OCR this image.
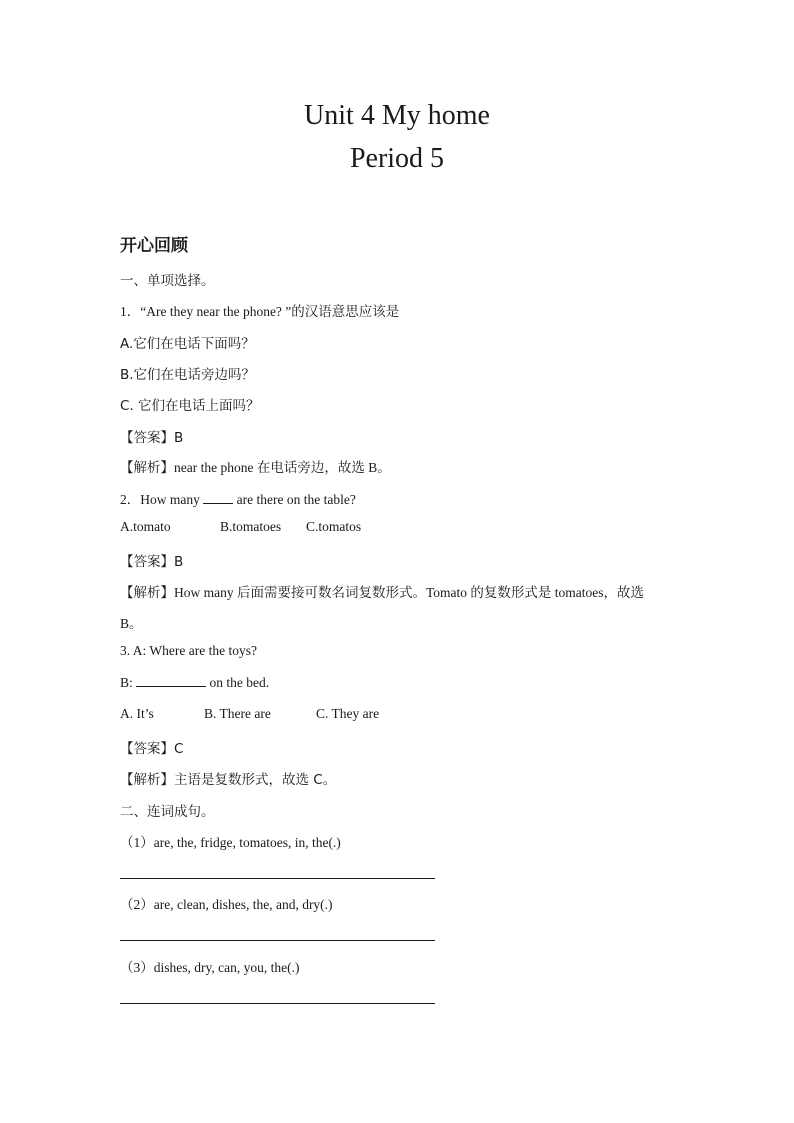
Unit 4 My home
Period 5
开心回顾
一、单项选择。
1．“Are they near the phone? ”的汉语意思应该是
A.它们在电话下面吗？
B.它们在电话旁边吗？
C. 它们在电话上面吗？
【答案】B
【解析】near the phone 在电话旁边，故选 B。
2．How many  are there on the table?
A.tomato	B.tomatoes C.tomatos
【答案】B
【解析】How many 后面需要接可数名词复数形式。Tomato 的复数形式是 tomatoes，故选
B。
3. A: Where are the toys?
B:	on the bed.
A. It’s	B. There are	C. They are
【答案】C
【解析】主语是复数形式，故选 C。
二、连词成句。
（1）are, the, fridge, tomatoes, in, the(.)
（2）are, clean, dishes, the, and, dry(.)
（3）dishes, dry, can, you, the(.)
